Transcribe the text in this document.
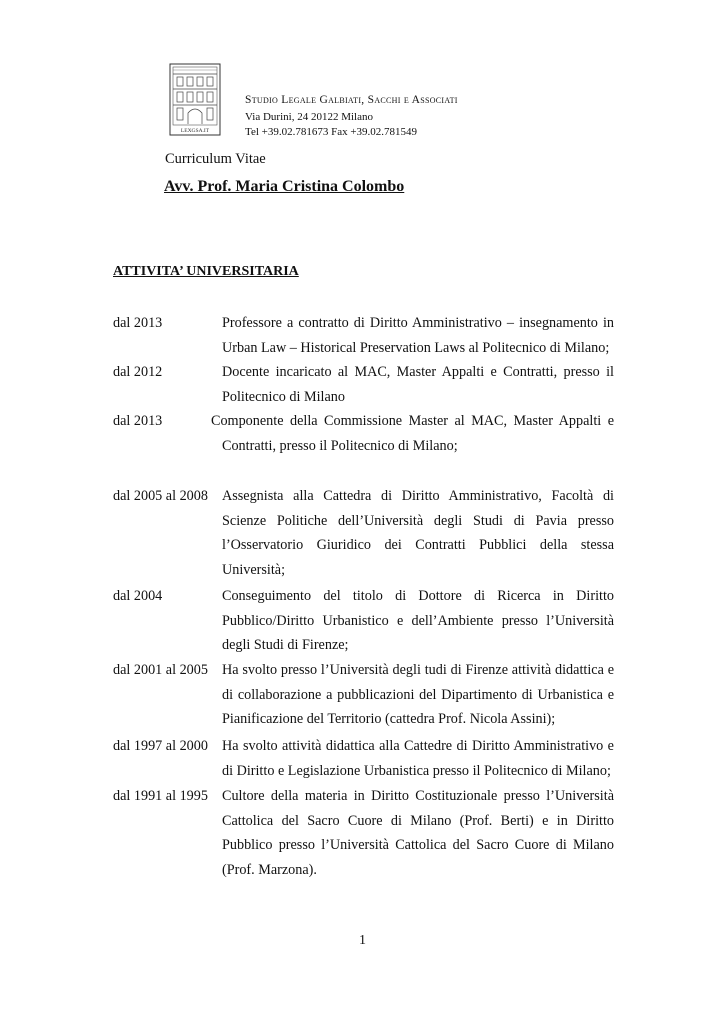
LEXGSA.IT
Studio Legale Galbiati, Sacchi e Associati
Via Durini, 24 20122 Milano
Tel +39.02.781673 Fax +39.02.781549
Curriculum Vitae
Avv. Prof. Maria Cristina Colombo
ATTIVITA’ UNIVERSITARIA
dal 2013	Professore a contratto di Diritto Amministrativo – insegnamento in Urban Law – Historical Preservation Laws al Politecnico di Milano;
dal 2012	Docente incaricato al MAC, Master Appalti e Contratti, presso il Politecnico di Milano
dal 2013	Componente della Commissione Master al MAC, Master Appalti e Contratti, presso il Politecnico di Milano;
dal 2005 al 2008 Assegnista alla Cattedra di Diritto Amministrativo, Facoltà di Scienze Politiche dell’Università degli Studi di Pavia presso l’Osservatorio Giuridico dei Contratti Pubblici della stessa Università;
dal 2004	Conseguimento del titolo di Dottore di Ricerca in Diritto Pubblico/Diritto Urbanistico e dell’Ambiente presso l’Università degli Studi di Firenze;
dal 2001 al 2005 Ha svolto presso l’Università degli tudi di Firenze attività didattica e di collaborazione a pubblicazioni del Dipartimento di Urbanistica e Pianificazione del Territorio (cattedra Prof. Nicola Assini);
dal 1997 al 2000 Ha svolto attività didattica alla Cattedre di Diritto Amministrativo e di Diritto e Legislazione Urbanistica presso il Politecnico di Milano;
dal 1991 al 1995 Cultore della materia in Diritto Costituzionale presso l’Università Cattolica del Sacro Cuore di Milano (Prof. Berti) e in Diritto Pubblico presso l’Università Cattolica del Sacro Cuore di Milano (Prof. Marzona).
1
